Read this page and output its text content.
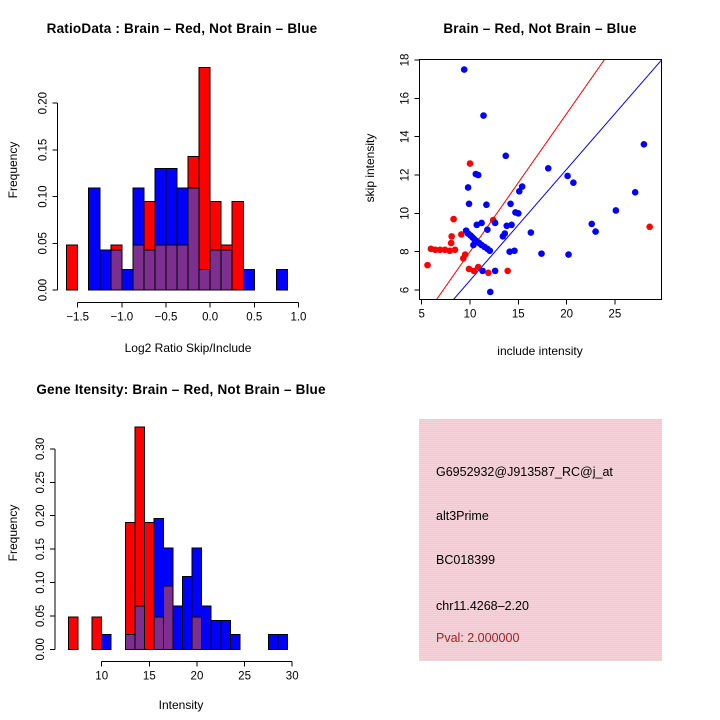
RatioData : Brain – Red, Not Brain – Blue	Brain – Red, Not Brain – Blue
Gene Itensity: Brain – Red, Not Brain – Blue
Log2 Ratio Skip/Include
Frequency
include intensity
skip intensity
Intensity
Frequency
−1.5 −1.0 −0.5 0.0 0.5 1.0
0.00
0.05
0.10
0.15
0.20
5	10	15	20	25
6
8
10
12
14
16
18
10	15	20	25	30
0.00
0.05
0.10
0.15
0.20
0.25
0.30
G6952932@J913587_RC@j_at
alt3Prime
BC018399
chr11.4268–2.20
Pval: 2.000000
